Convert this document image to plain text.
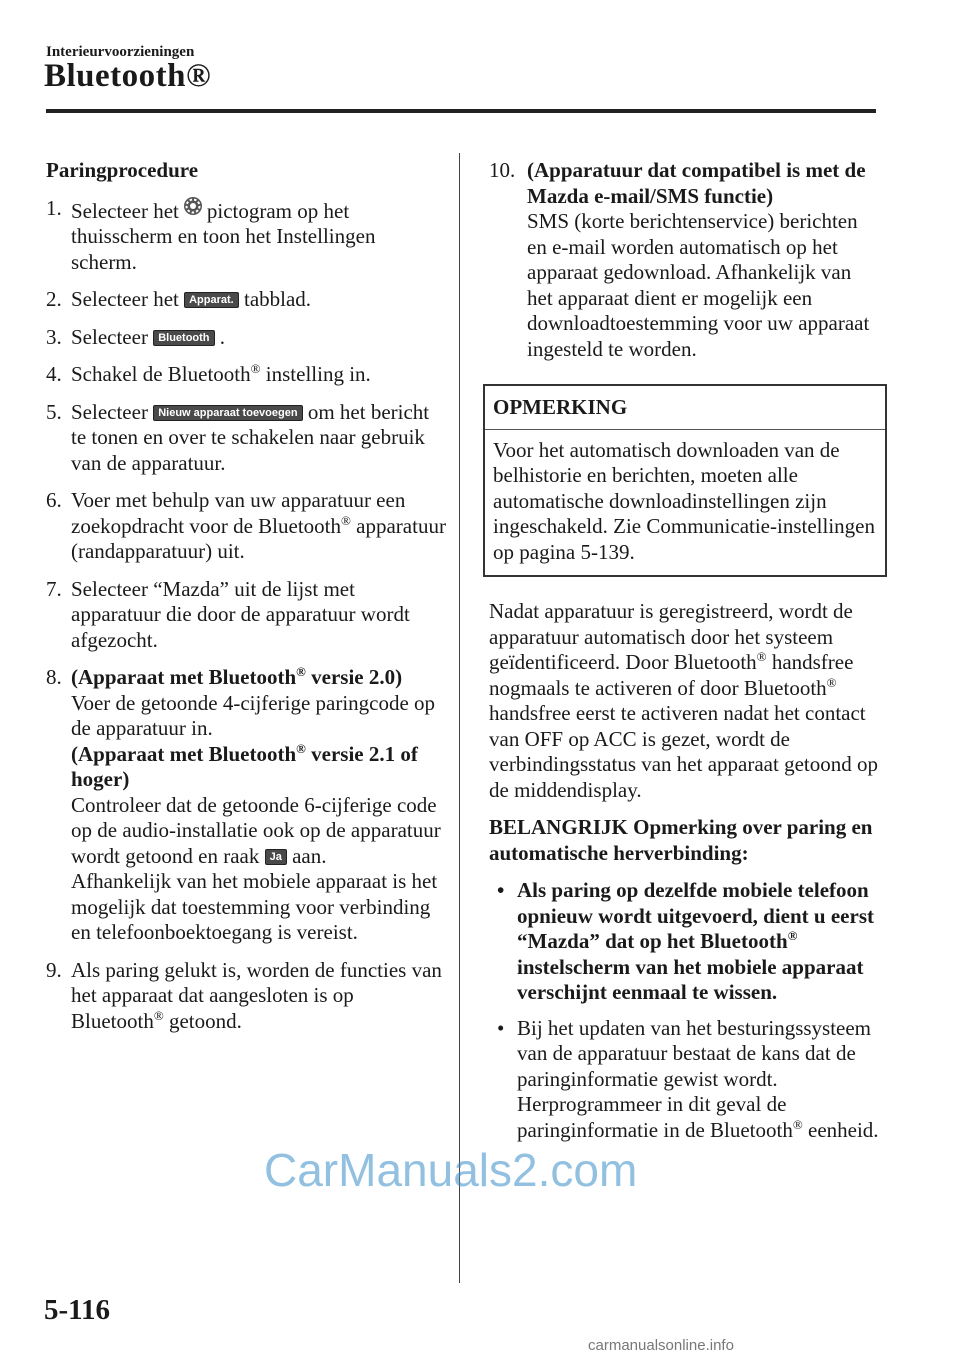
Interieurvoorzieningen
Bluetooth®
Paringprocedure
1. Selecteer het pictogram op het thuisscherm en toon het Instellingen scherm.
2. Selecteer het Apparat. tabblad.
3. Selecteer Bluetooth .
4. Schakel de Bluetooth® instelling in.
5. Selecteer Nieuw apparaat toevoegen om het bericht te tonen en over te schakelen naar gebruik van de apparatuur.
6. Voer met behulp van uw apparatuur een zoekopdracht voor de Bluetooth® apparatuur (randapparatuur) uit.
7. Selecteer “Mazda” uit de lijst met apparatuur die door de apparatuur wordt afgezocht.
8. (Apparaat met Bluetooth® versie 2.0)
Voer de getoonde 4-cijferige paringcode op de apparatuur in.
(Apparaat met Bluetooth® versie 2.1 of hoger)
Controleer dat de getoonde 6-cijferige code op de audio-installatie ook op de apparatuur wordt getoond en raak Ja aan.
Afhankelijk van het mobiele apparaat is het mogelijk dat toestemming voor verbinding en telefoonboektoegang is vereist.
9. Als paring gelukt is, worden de functies van het apparaat dat aangesloten is op Bluetooth® getoond.
10. (Apparatuur dat compatibel is met de Mazda e-mail/SMS functie)
SMS (korte berichtenservice) berichten en e-mail worden automatisch op het apparaat gedownload. Afhankelijk van het apparaat dient er mogelijk een downloadtoestemming voor uw apparaat ingesteld te worden.
OPMERKING
Voor het automatisch downloaden van de belhistorie en berichten, moeten alle automatische downloadinstellingen zijn ingeschakeld. Zie Communicatie-instellingen op pagina 5-139.
Nadat apparatuur is geregistreerd, wordt de apparatuur automatisch door het systeem geïdentificeerd. Door Bluetooth® handsfree nogmaals te activeren of door Bluetooth® handsfree eerst te activeren nadat het contact van OFF op ACC is gezet, wordt de verbindingsstatus van het apparaat getoond op de middendisplay.
BELANGRIJK Opmerking over paring en automatische herverbinding:
• Als paring op dezelfde mobiele telefoon opnieuw wordt uitgevoerd, dient u eerst “Mazda” dat op het Bluetooth® instelscherm van het mobiele apparaat verschijnt eenmaal te wissen.
• Bij het updaten van het besturingssysteem van de apparatuur bestaat de kans dat de paringinformatie gewist wordt. Herprogrammeer in dit geval de paringinformatie in de Bluetooth® eenheid.
5-116
CarManuals2.com
carmanualsonline.info
